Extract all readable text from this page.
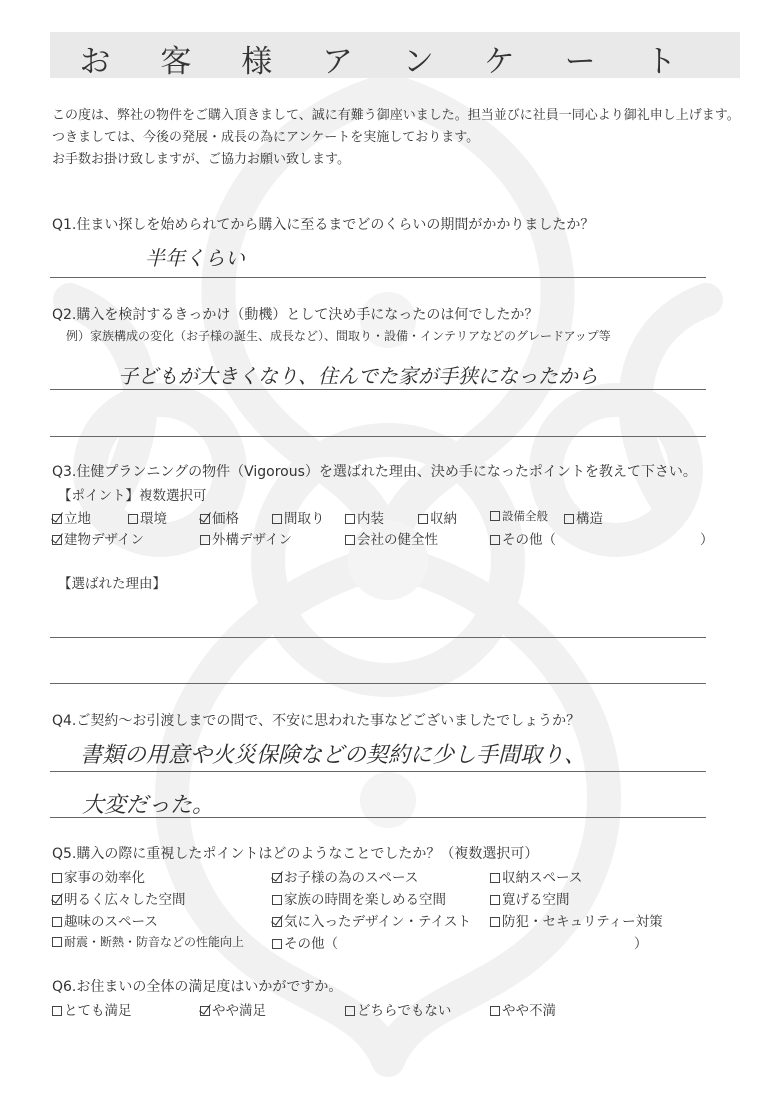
お 客 様 ア ン ケ ー ト
この度は、弊社の物件をご購入頂きまして、誠に有難う御座いました。担当並びに社員一同心より御礼申し上げます。
つきましては、今後の発展・成長の為にアンケートを実施しております。
お手数お掛け致しますが、ご協力お願い致します。
Q1.住まい探しを始められてから購入に至るまでどのくらいの期間がかかりましたか？
半年くらい
Q2.購入を検討するきっかけ（動機）として決め手になったのは何でしたか？
例）家族構成の変化（お子様の誕生、成長など）、間取り・設備・インテリアなどのグレードアップ等
子どもが大きくなり、住んでた家が手狭になったから
Q3.住健プランニングの物件（Vigorous）を選ばれた理由、決め手になったポイントを教えて下さい。
【ポイント】複数選択可
立地	環境	価格	間取り	内装	収納	設備全般	構造
建物デザイン	外構デザイン	会社の健全性	その他（	）
【選ばれた理由】
Q4.ご契約～お引渡しまでの間で、不安に思われた事などございましたでしょうか？
書類の用意や火災保険などの契約に少し手間取り、
大変だった。
Q5.購入の際に重視したポイントはどのようなことでしたか？（複数選択可）
家事の効率化	お子様の為のスペース	収納スペース
明るく広々した空間	家族の時間を楽しめる空間	寛げる空間
趣味のスペース	気に入ったデザイン・テイスト	防犯・セキュリティー対策
耐震・断熱・防音などの性能向上	その他（	）
Q6.お住まいの全体の満足度はいかがですか。
とても満足	やや満足	どちらでもない	やや不満
